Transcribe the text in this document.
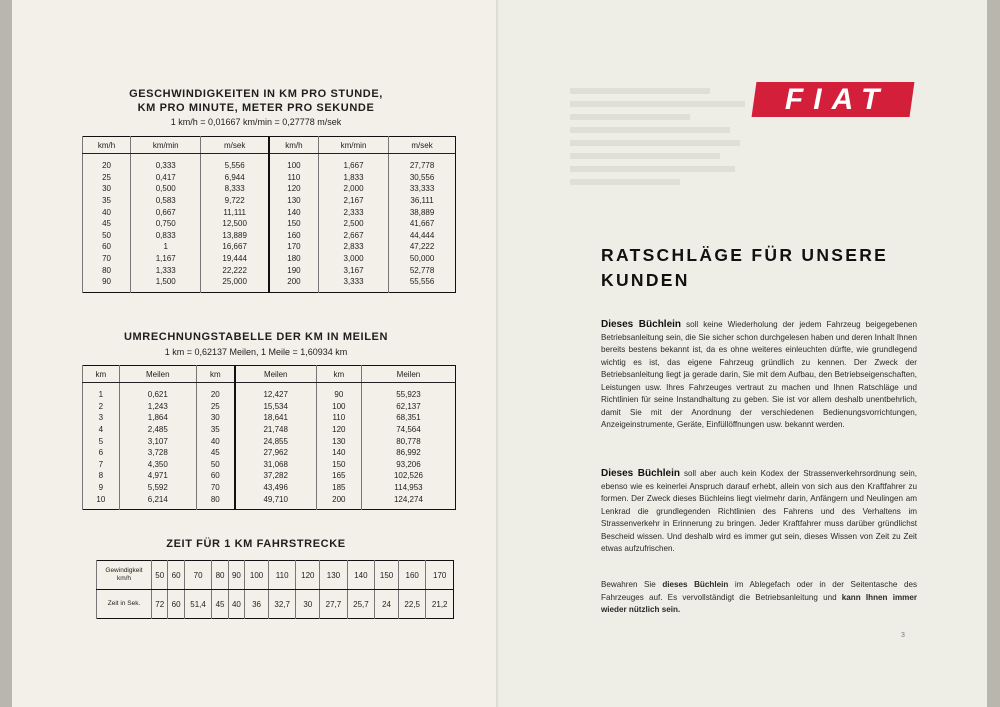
GESCHWINDIGKEITEN IN KM PRO STUNDE,
KM PRO MINUTE, METER PRO SEKUNDE
1 km/h = 0,01667 km/min = 0,27778 m/sek
km/h	km/min	m/sek	km/h	km/min	m/sek
20	0,333	5,556	100	1,667	27,778
25	0,417	6,944	110	1,833	30,556
30	0,500	8,333	120	2,000	33,333
35	0,583	9,722	130	2,167	36,111
40	0,667	11,111	140	2,333	38,889
45	0,750	12,500	150	2,500	41,667
50	0,833	13,889	160	2,667	44,444
60	1	16,667	170	2,833	47,222
70	1,167	19,444	180	3,000	50,000
80	1,333	22,222	190	3,167	52,778
90	1,500	25,000	200	3,333	55,556
UMRECHNUNGSTABELLE DER KM IN MEILEN
1 km = 0,62137 Meilen, 1 Meile = 1,60934 km
km	Meilen	km	Meilen	km	Meilen
1	0,621	20	12,427	90	55,923
2	1,243	25	15,534	100	62,137
3	1,864	30	18,641	110	68,351
4	2,485	35	21,748	120	74,564
5	3,107	40	24,855	130	80,778
6	3,728	45	27,962	140	86,992
7	4,350	50	31,068	150	93,206
8	4,971	60	37,282	165	102,526
9	5,592	70	43,496	185	114,953
10	6,214	80	49,710	200	124,274
ZEIT FÜR 1 KM FAHRSTRECKE
Gewindigkeit
km/h	50	60	70	80	90	100	110	120	130	140	150	160	170
Zeit in Sek.	72	60	51,4	45	40	36	32,7	30	27,7	25,7	24	22,5	21,2
FIAT
RATSCHLÄGE FÜR UNSERE
KUNDEN
Dieses Büchlein soll keine Wiederholung der jedem Fahrzeug beigegebenen Betriebsanleitung sein, die Sie sicher schon durchgelesen haben und deren Inhalt Ihnen bereits bestens bekannt ist, da es ohne weiteres einleuchten dürfte, wie grundlegend wichtig es ist, das eigene Fahrzeug gründlich zu kennen. Der Zweck der Betriebsanleitung liegt ja gerade darin, Sie mit dem Aufbau, den Betriebseigenschaften, Leistungen usw. Ihres Fahrzeuges vertraut zu machen und Ihnen Ratschläge und Richtlinien für seine Instandhaltung zu geben. Sie ist vor allem deshalb unentbehrlich, damit Sie mit der Anordnung der verschiedenen Bedienungsvorrichtungen, Anzeigeinstrumente, Geräte, Einfüllöffnungen usw. bekannt werden.
Dieses Büchlein soll aber auch kein Kodex der Strassenverkehrsordnung sein, ebenso wie es keinerlei Anspruch darauf erhebt, allein von sich aus den Kraftfahrer zu formen. Der Zweck dieses Büchleins liegt vielmehr darin, Anfängern und Neulingen am Lenkrad die grundlegenden Richtlinien des Fahrens und des Verhaltens im Strassenverkehr in Erinnerung zu bringen. Jeder Kraftfahrer muss darüber gründlichst Bescheid wissen. Und deshalb wird es immer gut sein, dieses Wissen von Zeit zu Zeit etwas aufzufrischen.
Bewahren Sie dieses Büchlein im Ablegefach oder in der Seitentasche des Fahrzeuges auf. Es vervollständigt die Betriebsanleitung und kann Ihnen immer wieder nützlich sein.
3
